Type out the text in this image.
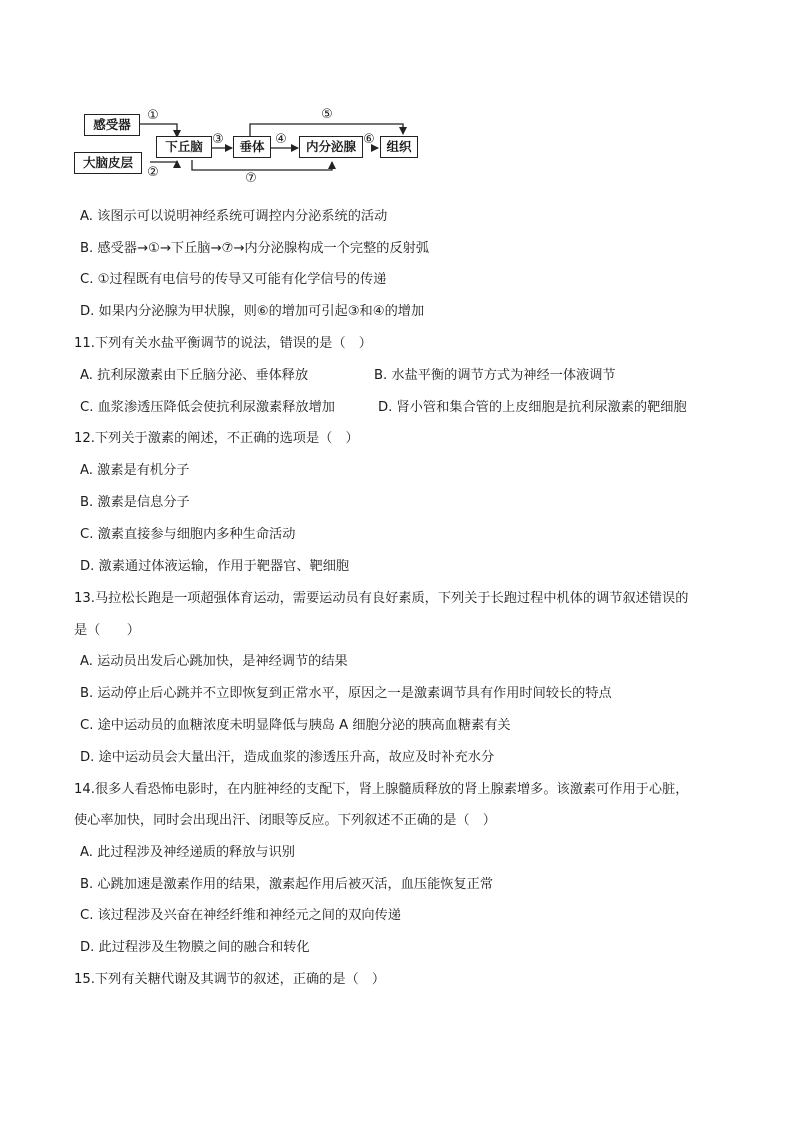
感受器
大脑皮层
下丘脑	垂体	内分泌腺	组织
①
②
③	④
⑤
⑥
⑦
A. 该图示可以说明神经系统可调控内分泌系统的活动
B. 感受器→①→下丘脑→⑦→内分泌腺构成一个完整的反射弧
C. ①过程既有电信号的传导又可能有化学信号的传递
D. 如果内分泌腺为甲状腺，则⑥的增加可引起③和④的增加
11.下列有关水盐平衡调节的说法，错误的是（　）
A. 抗利尿激素由下丘脑分泌、垂体释放	B. 水盐平衡的调节方式为神经一体液调节
C. 血浆渗透压降低会使抗利尿激素释放增加	D. 肾小管和集合管的上皮细胞是抗利尿激素的靶细胞
12.下列关于激素的阐述，不正确的选项是（　）
A. 激素是有机分子
B. 激素是信息分子
C. 激素直接参与细胞内多种生命活动
D. 激素通过体液运输，作用于靶器官、靶细胞
13.马拉松长跑是一项超强体育运动，需要运动员有良好素质，下列关于长跑过程中机体的调节叙述错误的
是（　　）
A. 运动员出发后心跳加快，是神经调节的结果
B. 运动停止后心跳并不立即恢复到正常水平，原因之一是激素调节具有作用时间较长的特点
C. 途中运动员的血糖浓度未明显降低与胰岛 A 细胞分泌的胰高血糖素有关
D. 途中运动员会大量出汗，造成血浆的渗透压升高，故应及时补充水分
14.很多人看恐怖电影时，在内脏神经的支配下，肾上腺髓质释放的肾上腺素增多。该激素可作用于心脏，
使心率加快，同时会出现出汗、闭眼等反应。下列叙述不正确的是（　）
A. 此过程涉及神经递质的释放与识别
B. 心跳加速是激素作用的结果，激素起作用后被灭活，血压能恢复正常
C. 该过程涉及兴奋在神经纤维和神经元之间的双向传递
D. 此过程涉及生物膜之间的融合和转化
15.下列有关糖代谢及其调节的叙述，正确的是（　）
